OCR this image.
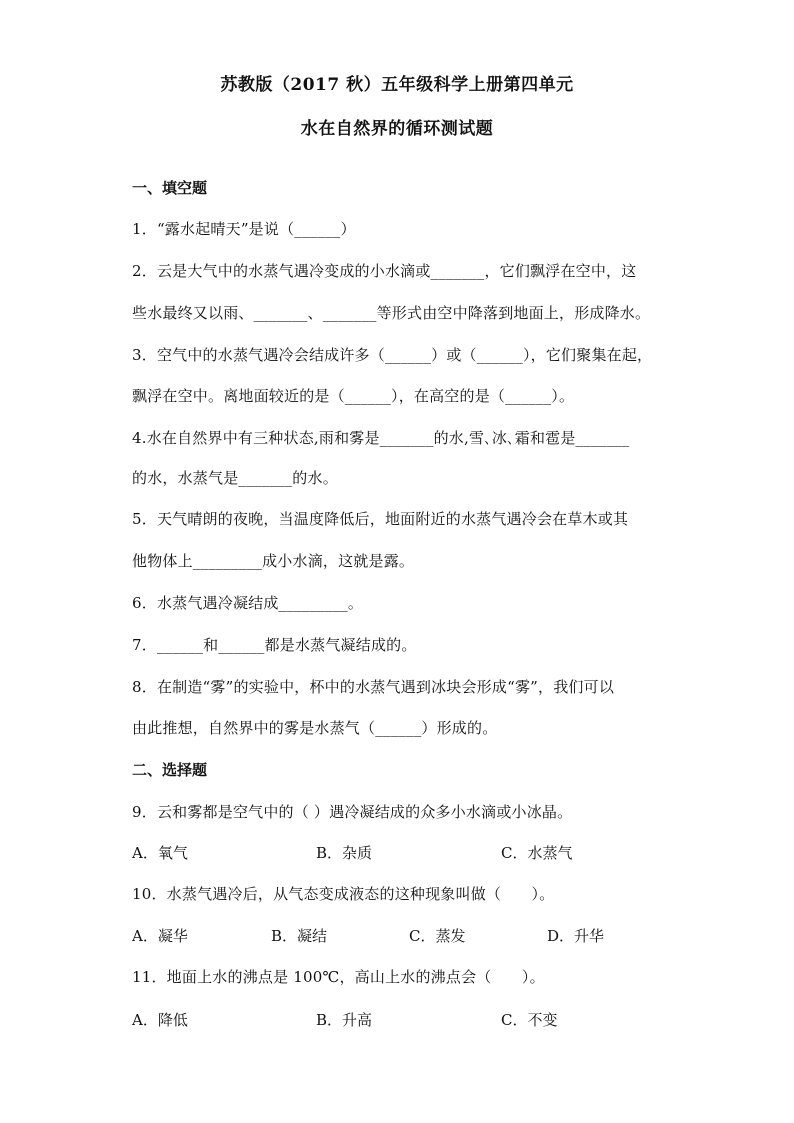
苏教版（2017 秋）五年级科学上册第四单元
水在自然界的循环测试题
一、填空题
1．“露水起晴天”是说（______）
2．云是大气中的水蒸气遇冷变成的小水滴或_______，它们飘浮在空中，这
些水最终又以雨、_______、_______等形式由空中降落到地面上，形成降水。
3．空气中的水蒸气遇冷会结成许多（______）或（______），它们聚集在起，
飘浮在空中。离地面较近的是（______），在高空的是（______）。
4.水在自然界中有三种状态,雨和雾是_______的水,雪､冰､霜和雹是_______
的水，水蒸气是_______的水。
5．天气晴朗的夜晚，当温度降低后，地面附近的水蒸气遇冷会在草木或其
他物体上_________成小水滴，这就是露。
6．水蒸气遇冷凝结成_________。
7．______和______都是水蒸气凝结成的。
8．在制造“雾”的实验中，杯中的水蒸气遇到冰块会形成“雾”，我们可以
由此推想，自然界中的雾是水蒸气（______）形成的。
二、选择题
9．云和雾都是空气中的（ ）遇冷凝结成的众多小水滴或小冰晶。
A．氧气	B．杂质	C．水蒸气
10．水蒸气遇冷后，从气态变成液态的这种现象叫做（　　）。
A．凝华	B．凝结	C．蒸发	D．升华
11．地面上水的沸点是 100℃，高山上水的沸点会（　　）。
A．降低	B．升高	C．不变
